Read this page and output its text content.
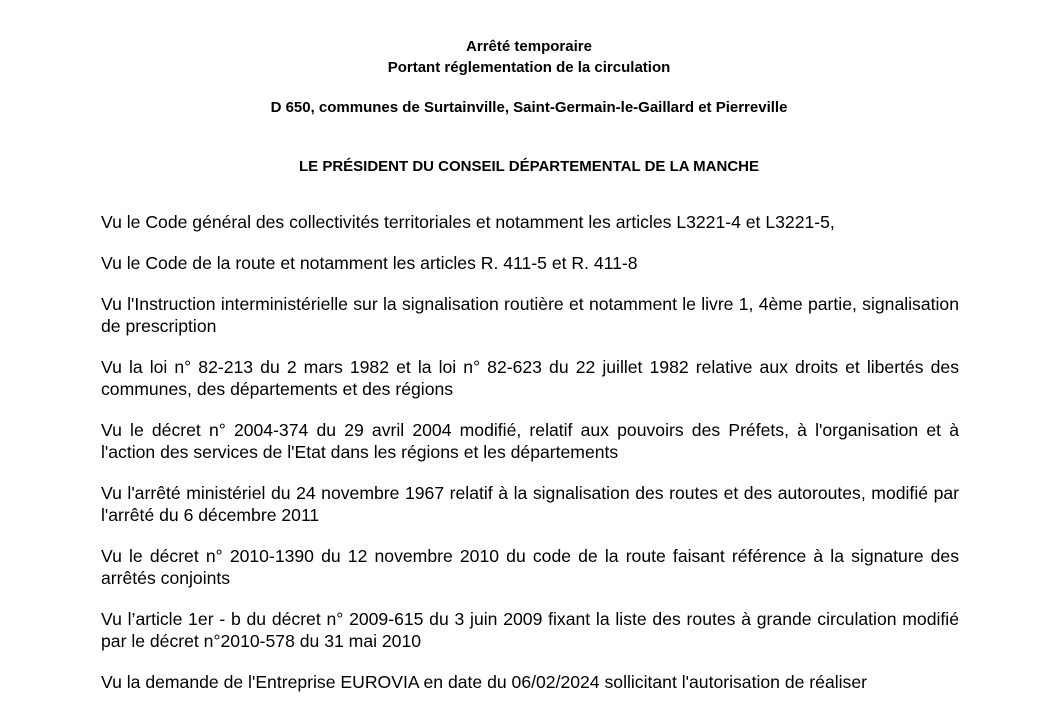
Arrêté temporaire
Portant réglementation de la circulation
D 650, communes de Surtainville, Saint-Germain-le-Gaillard et Pierreville
LE PRÉSIDENT DU CONSEIL DÉPARTEMENTAL DE LA MANCHE

Vu le Code général des collectivités territoriales et notamment les articles L3221-4 et L3221-5,

Vu le Code de la route et notamment les articles R. 411-5 et R. 411-8

Vu l'Instruction interministérielle sur la signalisation routière et notamment le livre 1, 4ème partie, signalisation de prescription

Vu la loi n° 82-213 du 2 mars 1982 et la loi n° 82-623 du 22 juillet 1982 relative aux droits et libertés des communes, des départements et des régions

Vu le décret n° 2004-374 du 29 avril 2004 modifié, relatif aux pouvoirs des Préfets, à l'organisation et à l'action des services de l'Etat dans les régions et les départements

Vu l'arrêté ministériel du 24 novembre 1967 relatif à la signalisation des routes et des autoroutes, modifié par l'arrêté du 6 décembre 2011

Vu le décret n° 2010-1390 du 12 novembre 2010 du code de la route faisant référence à la signature des arrêtés conjoints

Vu l’article 1er - b du décret n° 2009-615 du 3 juin 2009 fixant la liste des routes à grande circulation modifié par le décret n°2010-578 du 31 mai 2010

Vu la demande de l'Entreprise EUROVIA en date du 06/02/2024 sollicitant l'autorisation de réaliser
